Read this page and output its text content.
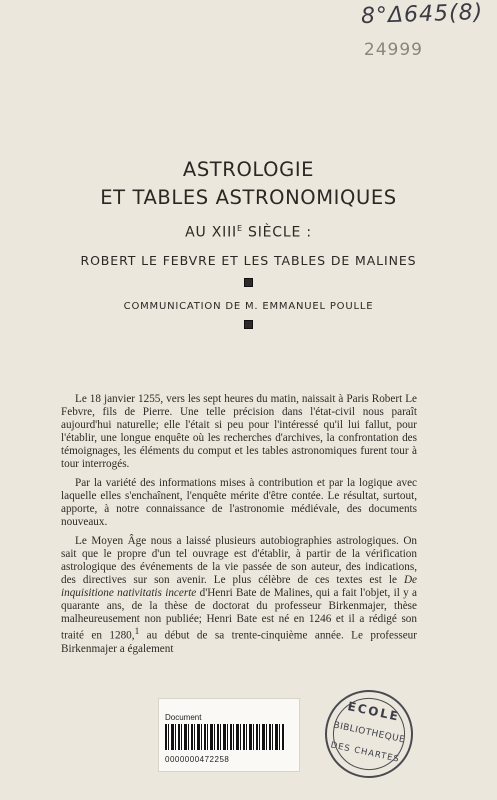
8°Δ645(8)
24999
ASTROLOGIE
ET TABLES ASTRONOMIQUES
AU $XIII^E$ SIÈCLE :
ROBERT LE FEBVRE ET LES TABLES DE MALINES
COMMUNICATION DE M. EMMANUEL POULLE

Le 18 janvier 1255, vers les sept heures du matin, naissait à Paris Robert Le Febvre, fils de Pierre. Une telle précision dans l'état-civil nous paraît aujourd'hui naturelle; elle l'était si peu pour l'intéressé qu'il lui fallut, pour l'établir, une longue enquête où les recherches d'archives, la confrontation des témoignages, les éléments du comput et les tables astronomiques furent tour à tour interrogés.

Par la variété des informations mises à contribution et par la logique avec laquelle elles s'enchaînent, l'enquête mérite d'être contée. Le résultat, surtout, apporte, à notre connaissance de l'astronomie médiévale, des documents nouveaux.

Le Moyen Âge nous a laissé plusieurs autobiographies astrologiques. On sait que le propre d'un tel ouvrage est d'établir, à partir de la vérification astrologique des événements de la vie passée de son auteur, des indications, des directives sur son avenir. Le plus célèbre de ces textes est le De inquisitione nativitatis incerte d'Henri Bate de Malines, qui a fait l'objet, il y a quarante ans, de la thèse de doctorat du professeur Birkenmajer, thèse malheureusement non publiée; Henri Bate est né en 1246 et il a rédigé son traité en 1280,$^1$ au début de sa trente-cinquième année. Le professeur Birkenmajer a également

Document
0000000472258
ECOLE
BIBLIOTHEQUE
DES CHARTES
